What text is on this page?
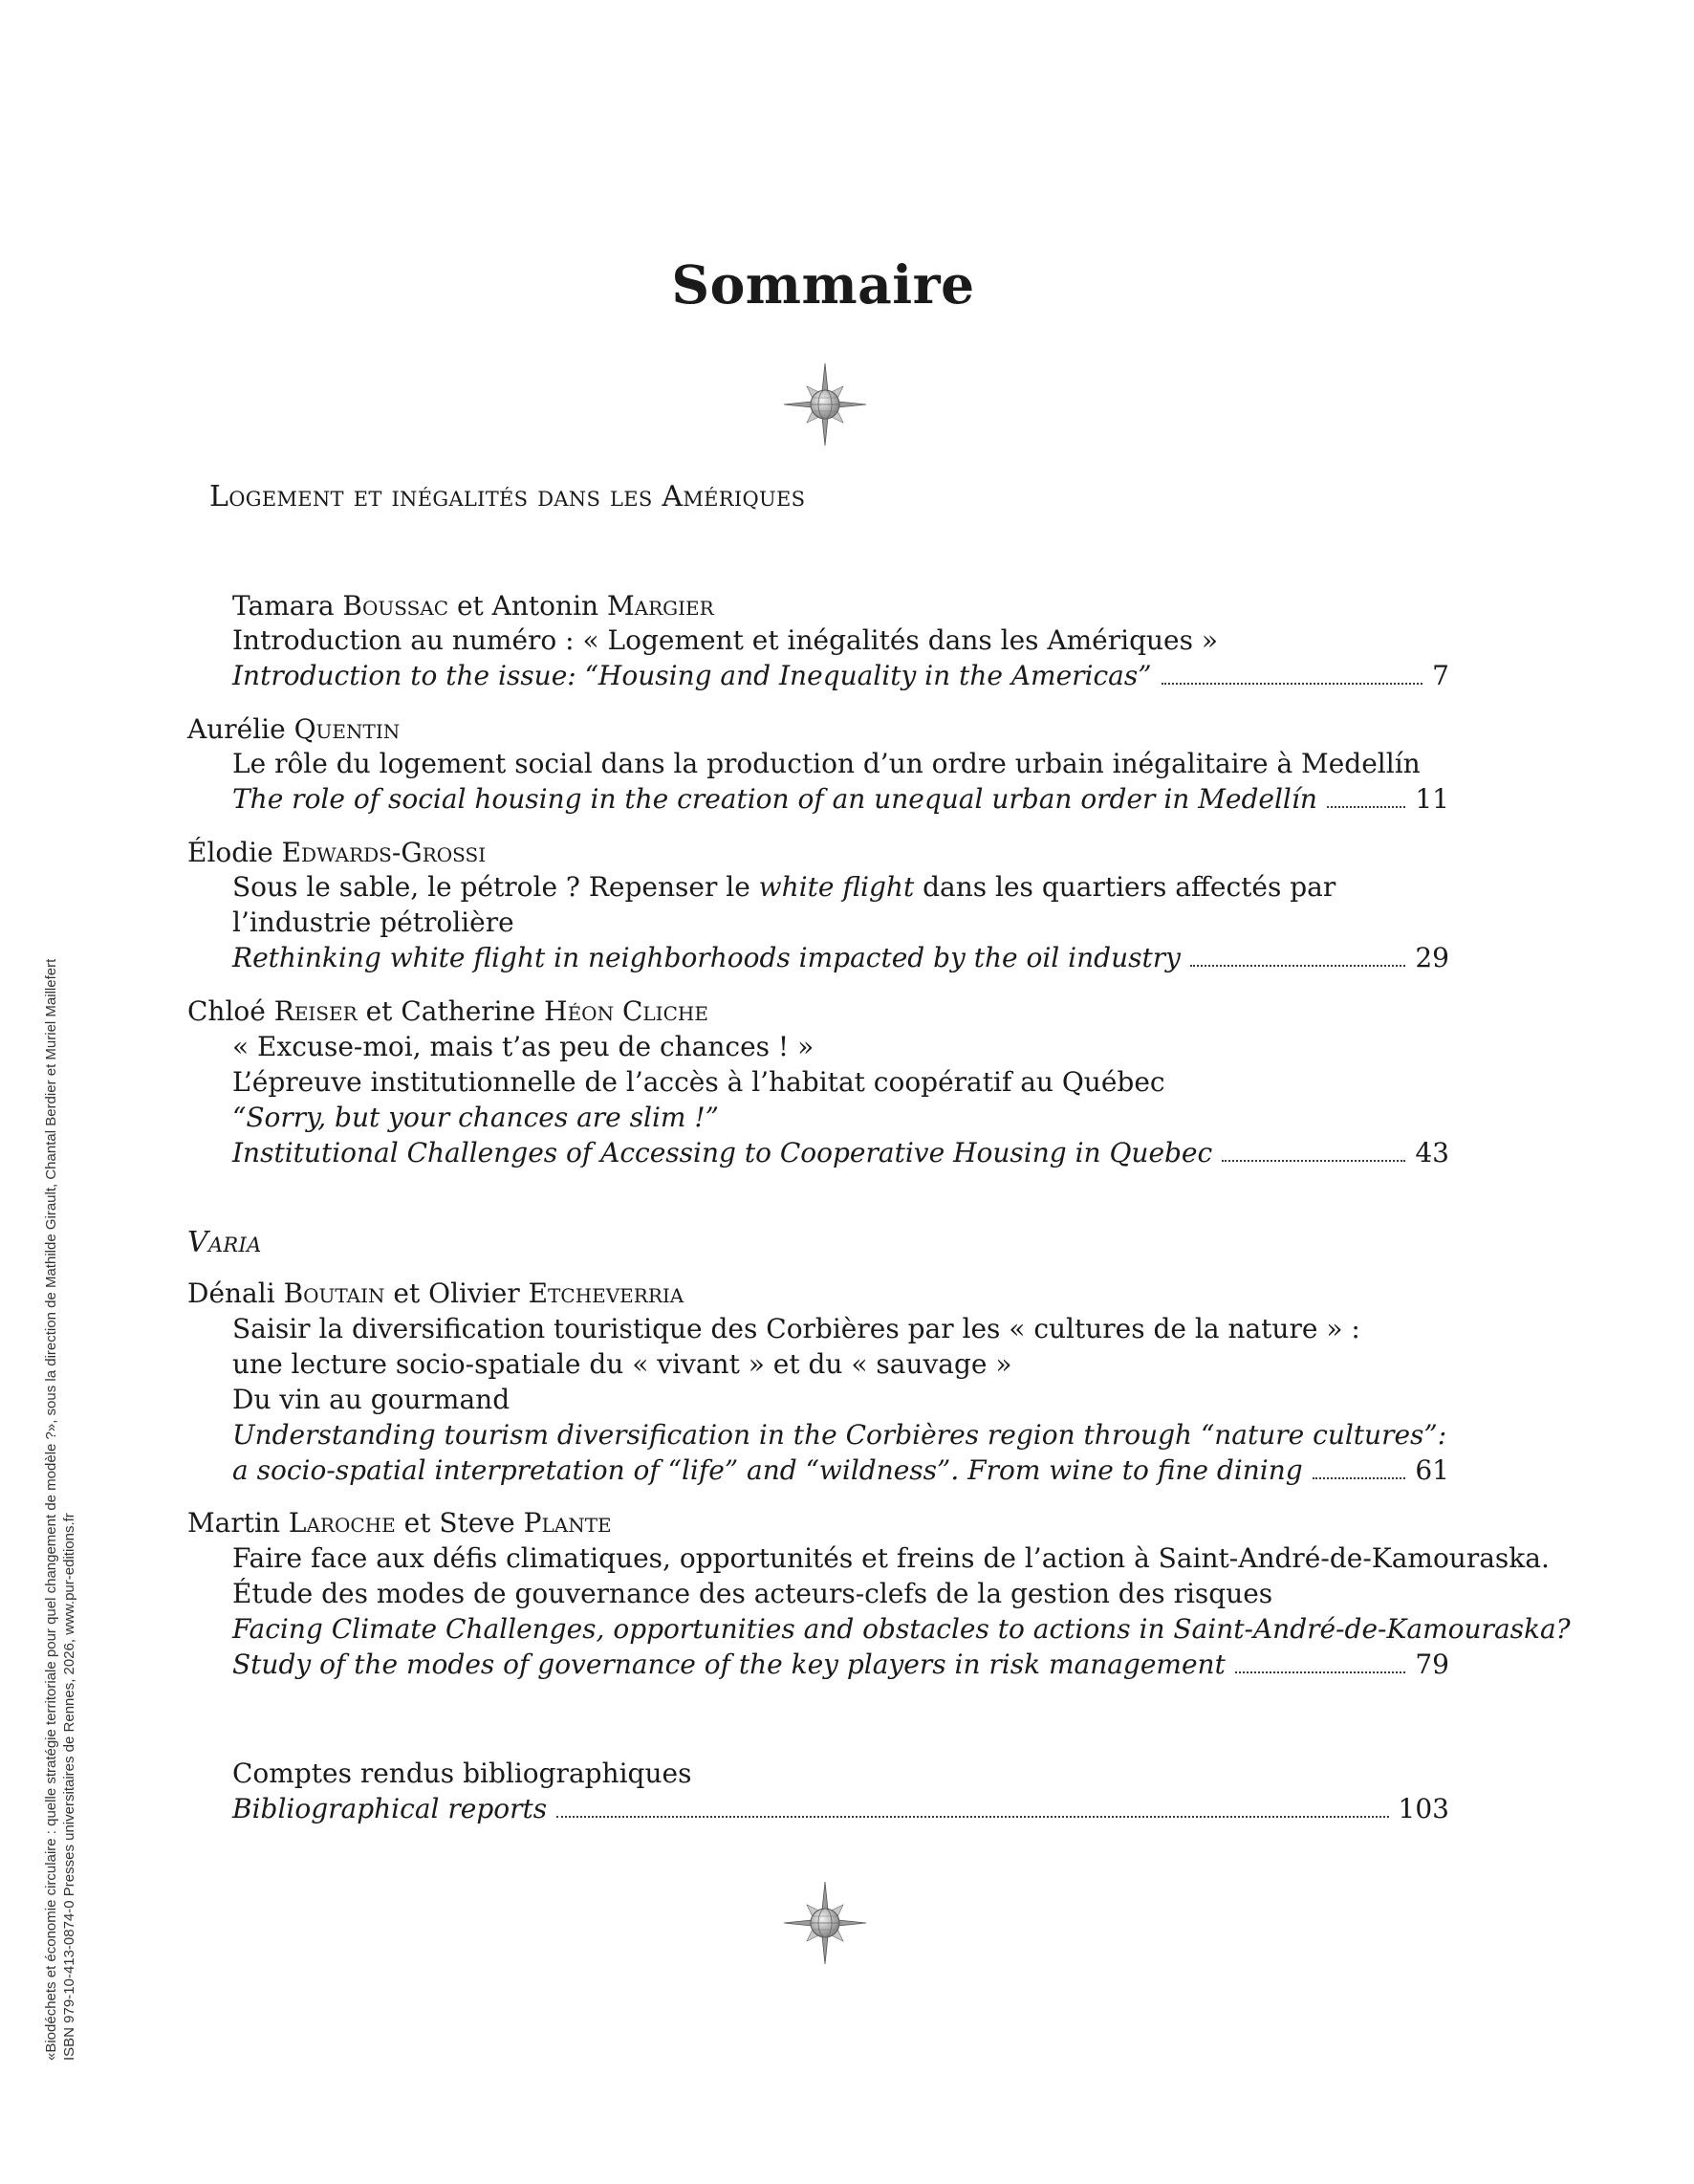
Sommaire
Logement et inégalités dans les Amériques
Tamara Boussac et Antonin Margier
Introduction au numéro : « Logement et inégalités dans les Amériques »
Introduction to the issue: “Housing and Inequality in the Americas”	7
Aurélie Quentin
Le rôle du logement social dans la production d’un ordre urbain inégalitaire à Medellín
The role of social housing in the creation of an unequal urban order in Medellín	11
Élodie Edwards-Grossi
Sous le sable, le pétrole ? Repenser le white flight dans les quartiers affectés par
l’industrie pétrolière
Rethinking white flight in neighborhoods impacted by the oil industry	29
Chloé Reiser et Catherine Héon Cliche
« Excuse-moi, mais t’as peu de chances ! »
L’épreuve institutionnelle de l’accès à l’habitat coopératif au Québec
“Sorry, but your chances are slim !”
Institutional Challenges of Accessing to Cooperative Housing in Quebec	43
Varia
Dénali Boutain et Olivier Etcheverria
Saisir la diversification touristique des Corbières par les « cultures de la nature » :
une lecture socio-spatiale du « vivant » et du « sauvage »
Du vin au gourmand
Understanding tourism diversification in the Corbières region through “nature cultures”:
a socio-spatial interpretation of “life” and “wildness”. From wine to fine dining	61
Martin Laroche et Steve Plante
Faire face aux défis climatiques, opportunités et freins de l’action à Saint-André-de-Kamouraska.
Étude des modes de gouvernance des acteurs-clefs de la gestion des risques
Facing Climate Challenges, opportunities and obstacles to actions in Saint-André-de-Kamouraska?
Study of the modes of governance of the key players in risk management	79
Comptes rendus bibliographiques
Bibliographical reports	103
«Biodéchets et économie circulaire : quelle stratégie territoriale pour quel changement de modèle ?», sous la direction de Mathilde Girault, Chantal Berdier et Muriel Maillefert ISBN 979-10-413-0874-0 Presses universitaires de Rennes, 2026, www.pur-editions.fr
